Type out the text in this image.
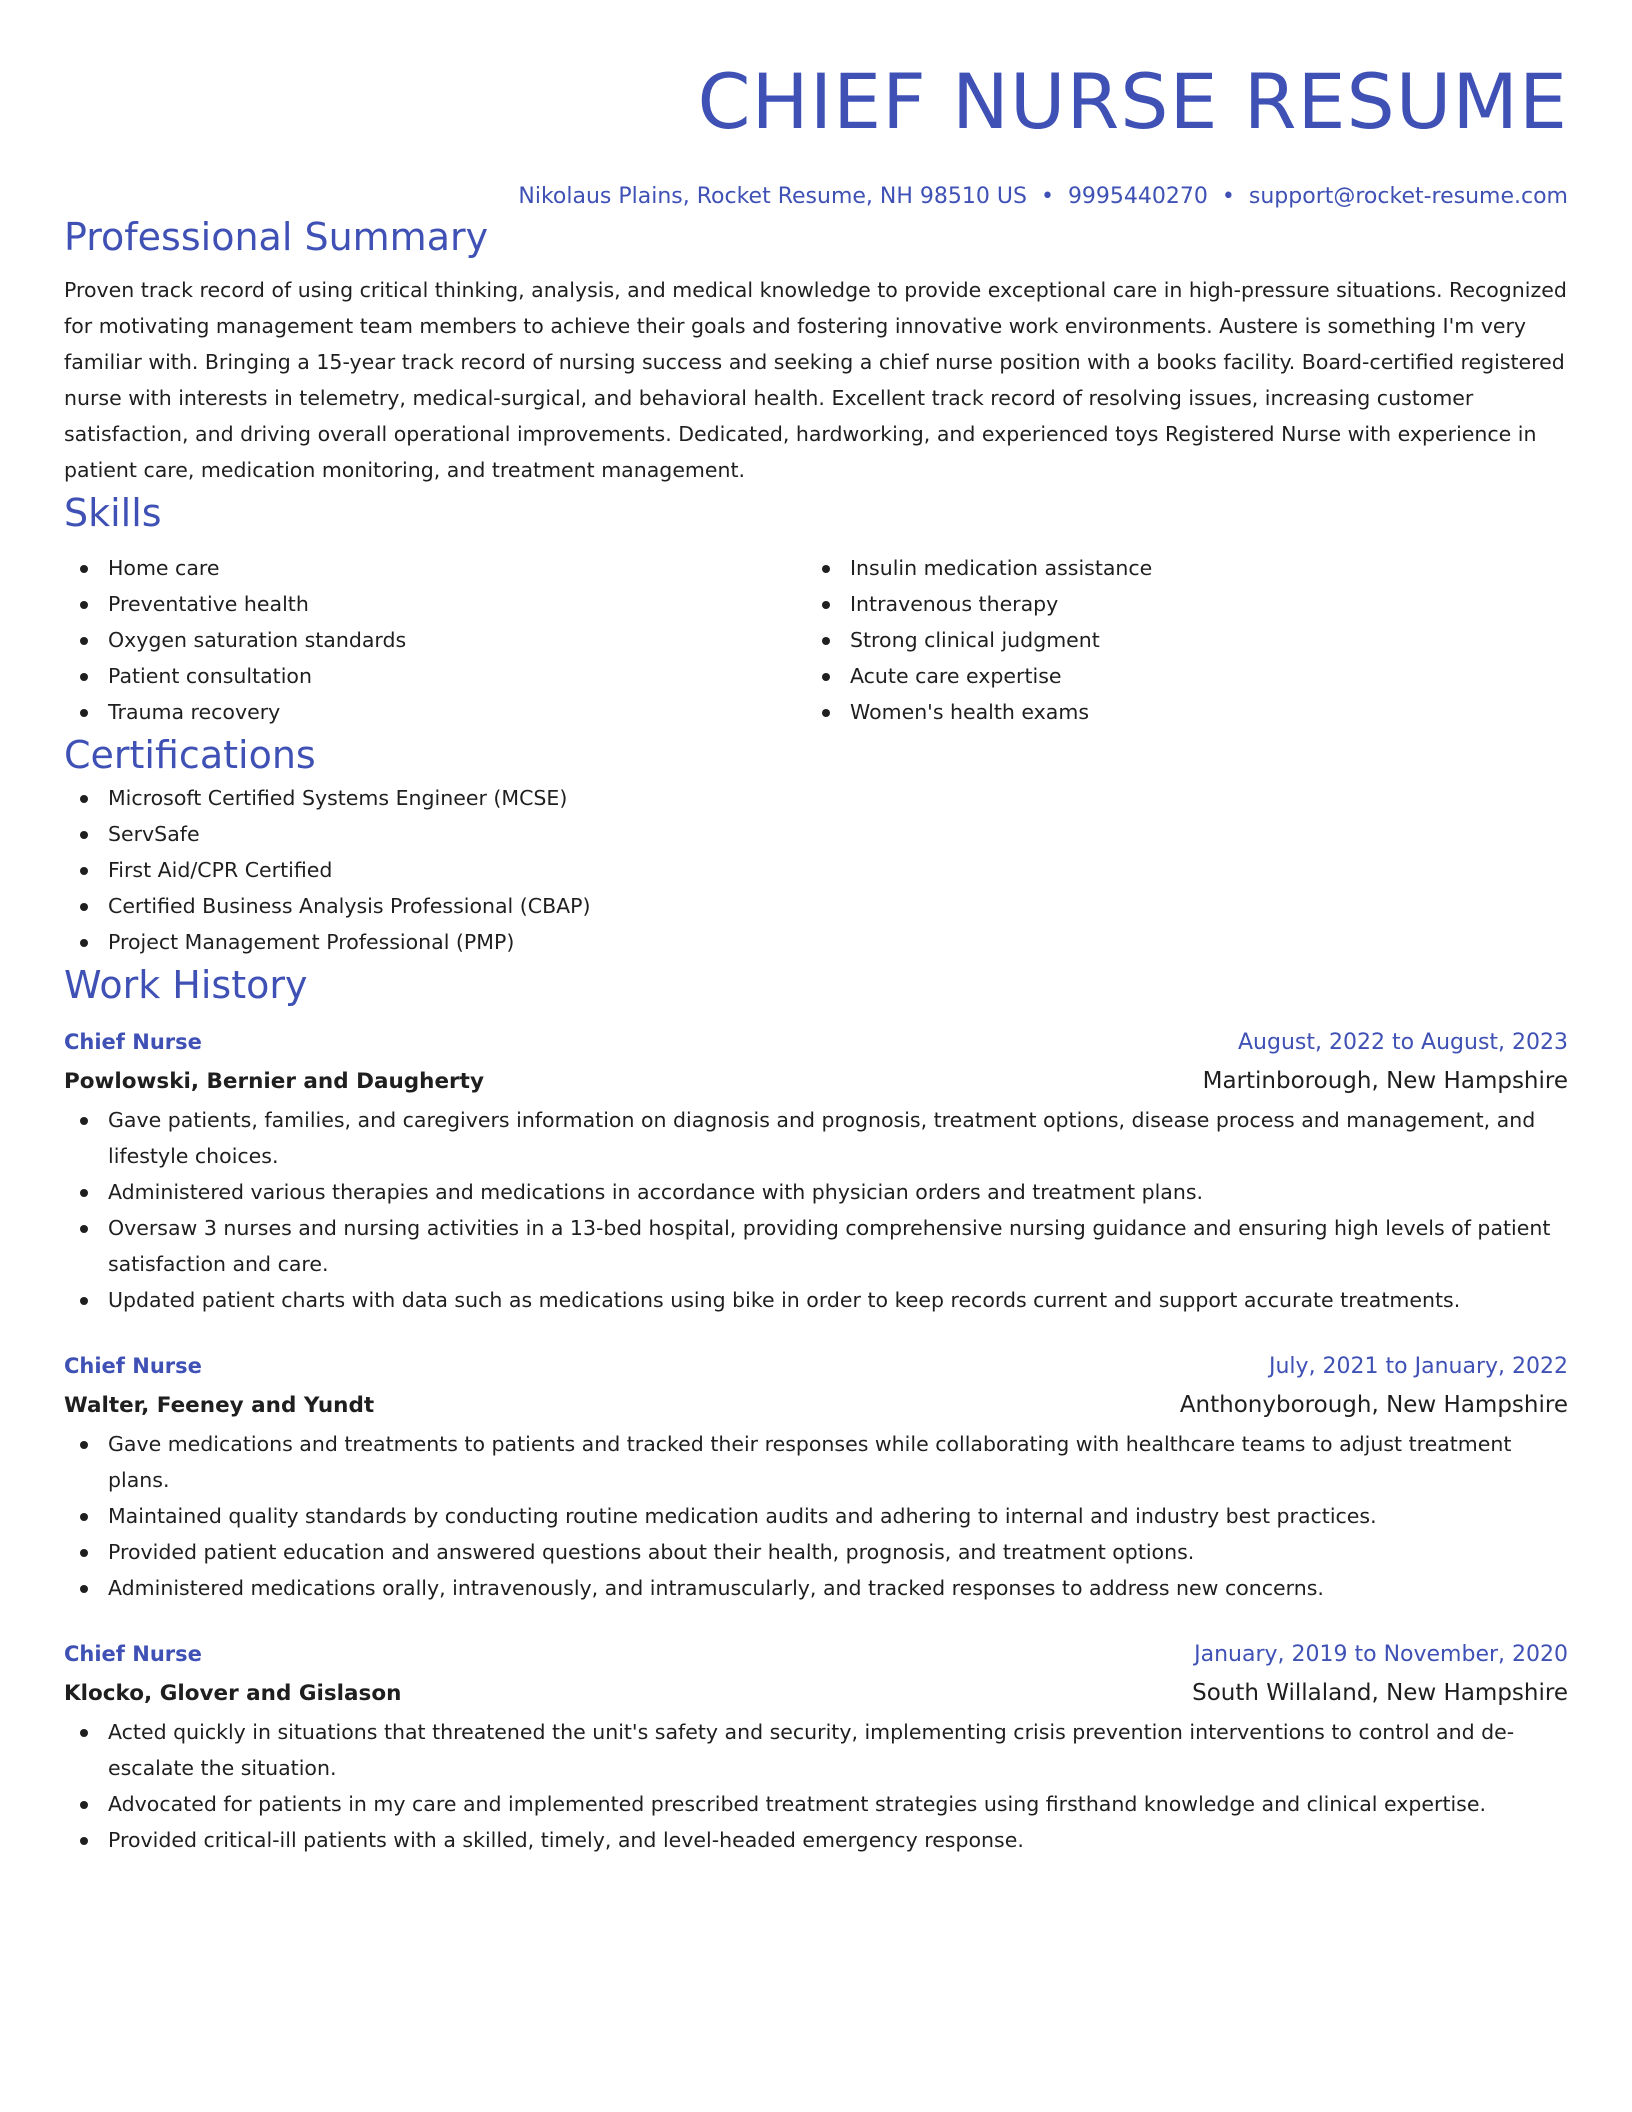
CHIEF NURSE RESUME
Nikolaus Plains, Rocket Resume, NH 98510 US • 9995440270 • support@rocket-resume.com
Professional Summary
Proven track record of using critical thinking, analysis, and medical knowledge to provide exceptional care in high-pressure situations. Recognized for motivating management team members to achieve their goals and fostering innovative work environments. Austere is something I'm very familiar with. Bringing a 15-year track record of nursing success and seeking a chief nurse position with a books facility. Board-certified registered nurse with interests in telemetry, medical-surgical, and behavioral health. Excellent track record of resolving issues, increasing customer satisfaction, and driving overall operational improvements. Dedicated, hardworking, and experienced toys Registered Nurse with experience in patient care, medication monitoring, and treatment management.
Skills
Home care
Preventative health
Oxygen saturation standards
Patient consultation
Trauma recovery
Insulin medication assistance
Intravenous therapy
Strong clinical judgment
Acute care expertise
Women's health exams
Certifications
Microsoft Certified Systems Engineer (MCSE)
ServSafe
First Aid/CPR Certified
Certified Business Analysis Professional (CBAP)
Project Management Professional (PMP)
Work History
Chief Nurse	August, 2022 to August, 2023
Powlowski, Bernier and Daugherty	Martinborough, New Hampshire
Gave patients, families, and caregivers information on diagnosis and prognosis, treatment options, disease process and management, and lifestyle choices.
Administered various therapies and medications in accordance with physician orders and treatment plans.
Oversaw 3 nurses and nursing activities in a 13-bed hospital, providing comprehensive nursing guidance and ensuring high levels of patient satisfaction and care.
Updated patient charts with data such as medications using bike in order to keep records current and support accurate treatments.
Chief Nurse	July, 2021 to January, 2022
Walter, Feeney and Yundt	Anthonyborough, New Hampshire
Gave medications and treatments to patients and tracked their responses while collaborating with healthcare teams to adjust treatment plans.
Maintained quality standards by conducting routine medication audits and adhering to internal and industry best practices.
Provided patient education and answered questions about their health, prognosis, and treatment options.
Administered medications orally, intravenously, and intramuscularly, and tracked responses to address new concerns.
Chief Nurse	January, 2019 to November, 2020
Klocko, Glover and Gislason	South Willaland, New Hampshire
Acted quickly in situations that threatened the unit's safety and security, implementing crisis prevention interventions to control and de-escalate the situation.
Advocated for patients in my care and implemented prescribed treatment strategies using firsthand knowledge and clinical expertise.
Provided critical-ill patients with a skilled, timely, and level-headed emergency response.
